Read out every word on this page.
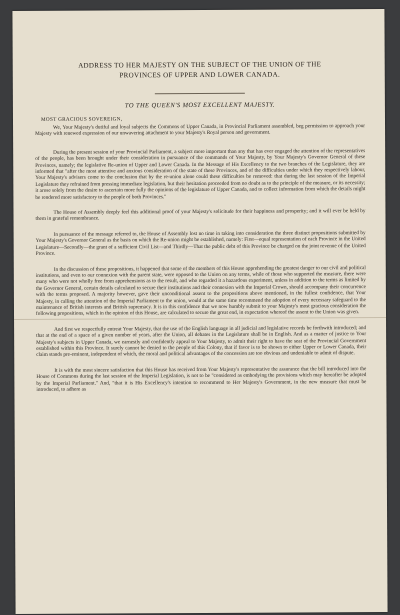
ADDRESS TO HER MAJESTY ON THE SUBJECT OF THE UNION OF THE

PROVINCES OF UPPER AND LOWER CANADA.

TO THE QUEEN'S MOST EXCELLENT MAJESTY.

MOST GRACIOUS SOVEREIGN,

We, Your Majesty's dutiful and loyal subjects the Commons of Upper Canada, in Provincial Parliament assembled, beg permission to approach your Majesty with renewed expression of our unwavering attachment to your Majesty's Royal person and government.

During the present session of your Provincial Parliament, a subject more important than any that has ever engaged the attention of the representatives of the people, has been brought under their consideration in pursuance of the commands of Your Majesty, by Your Majesty's Governor General of these Provinces, namely; the legislative Re-union of Upper and Lower Canada. In the Message of His Excellency to the two branches of the Legislature, they are informed that "after the most attentive and anxious consideration of the state of these Provinces, and of the difficulties under which they respectively labour, Your Majesty's advisers come to the conclusion that by the re-union alone could these difficulties be removed: that during the last session of the Imperial Legislature they refrained from pressing immediate legislation, but their hesitation proceeded from no doubt as to the principle of the measure, or its necessity; it arose solely from the desire to ascertain more fully the opinions of the legislature of Upper Canada, and to collect information from which the details might be rendered more satisfactory to the people of both Provinces."

The House of Assembly deeply feel this additional proof of your Majesty's solicitude for their happiness and prosperity; and it will ever be held by them in grateful remembrance.

In pursuance of the message referred to, the House of Assembly lost no time in taking into consideration the three distinct propositions submitted by Your Majesty's Governor General as the basis on which the Re-union might be established, namely: First—equal representation of each Province in the United Legislature—Secondly—the grant of a sufficient Civil List—and Thirdly—That the public debt of this Province be charged on the joint revenue of the United Province.

In the discussion of these propositions, it happened that some of the members of this House apprehending the greatest danger to our civil and political institutions, and even to our connexion with the parent state, were opposed to the Union on any terms, while of those who supported the measure, there were many who were not wholly free from apprehensions as to the result, and who regarded it a hazardous experiment, unless in addition to the terms as limited by the Governor General, certain details calculated to secure their institutions and their connexion with the Imperial Crown, should accompany their concurrence with the terms proposed. A majority however, gave their unconditional assent to the propositions above mentioned, in the fullest confidence, that Your Majesty, in calling the attention of the Imperial Parliament to the union, would at the same time recommend the adoption of every necessary safeguard to the maintenance of British interests and British supremacy. It is in this confidence that we now humbly submit to your Majesty's most gracious consideration the following propositions, which in the opinion of this House, are calculated to secure the great end, in expectation whereof the assent to the Union was given.

And first we respectfully entreat Your Majesty, that the use of the English language in all judicial and legislative records be forthwith introduced; and that at the end of a space of a given number of years, after the Union, all debates in the Legislature shall be in English. And as a matter of justice to Your Majesty's subjects in Upper Canada, we earnestly and confidently appeal to Your Majesty, to admit their right to have the seat of the Provincial Government established within this Province. It surely cannot be denied to the people of this Colony, that if favor is to be shown to either Upper or Lower Canada, their claim stands pre-eminent, independent of which, the moral and political advantages of the concession are too obvious and undeniable to admit of dispute.

It is with the most sincere satisfaction that this House has received from Your Majesty's representative the assurance that the bill introduced into the House of Commons during the last session of the Imperial Legislation, is not to be "considered as embodying the provisions which may hereafter be adopted by the Imperial Parliament." And, "that it is His Excellency's intention to recommend to Her Majesty's Government, in the new measure that must be introduced, to adhere as
